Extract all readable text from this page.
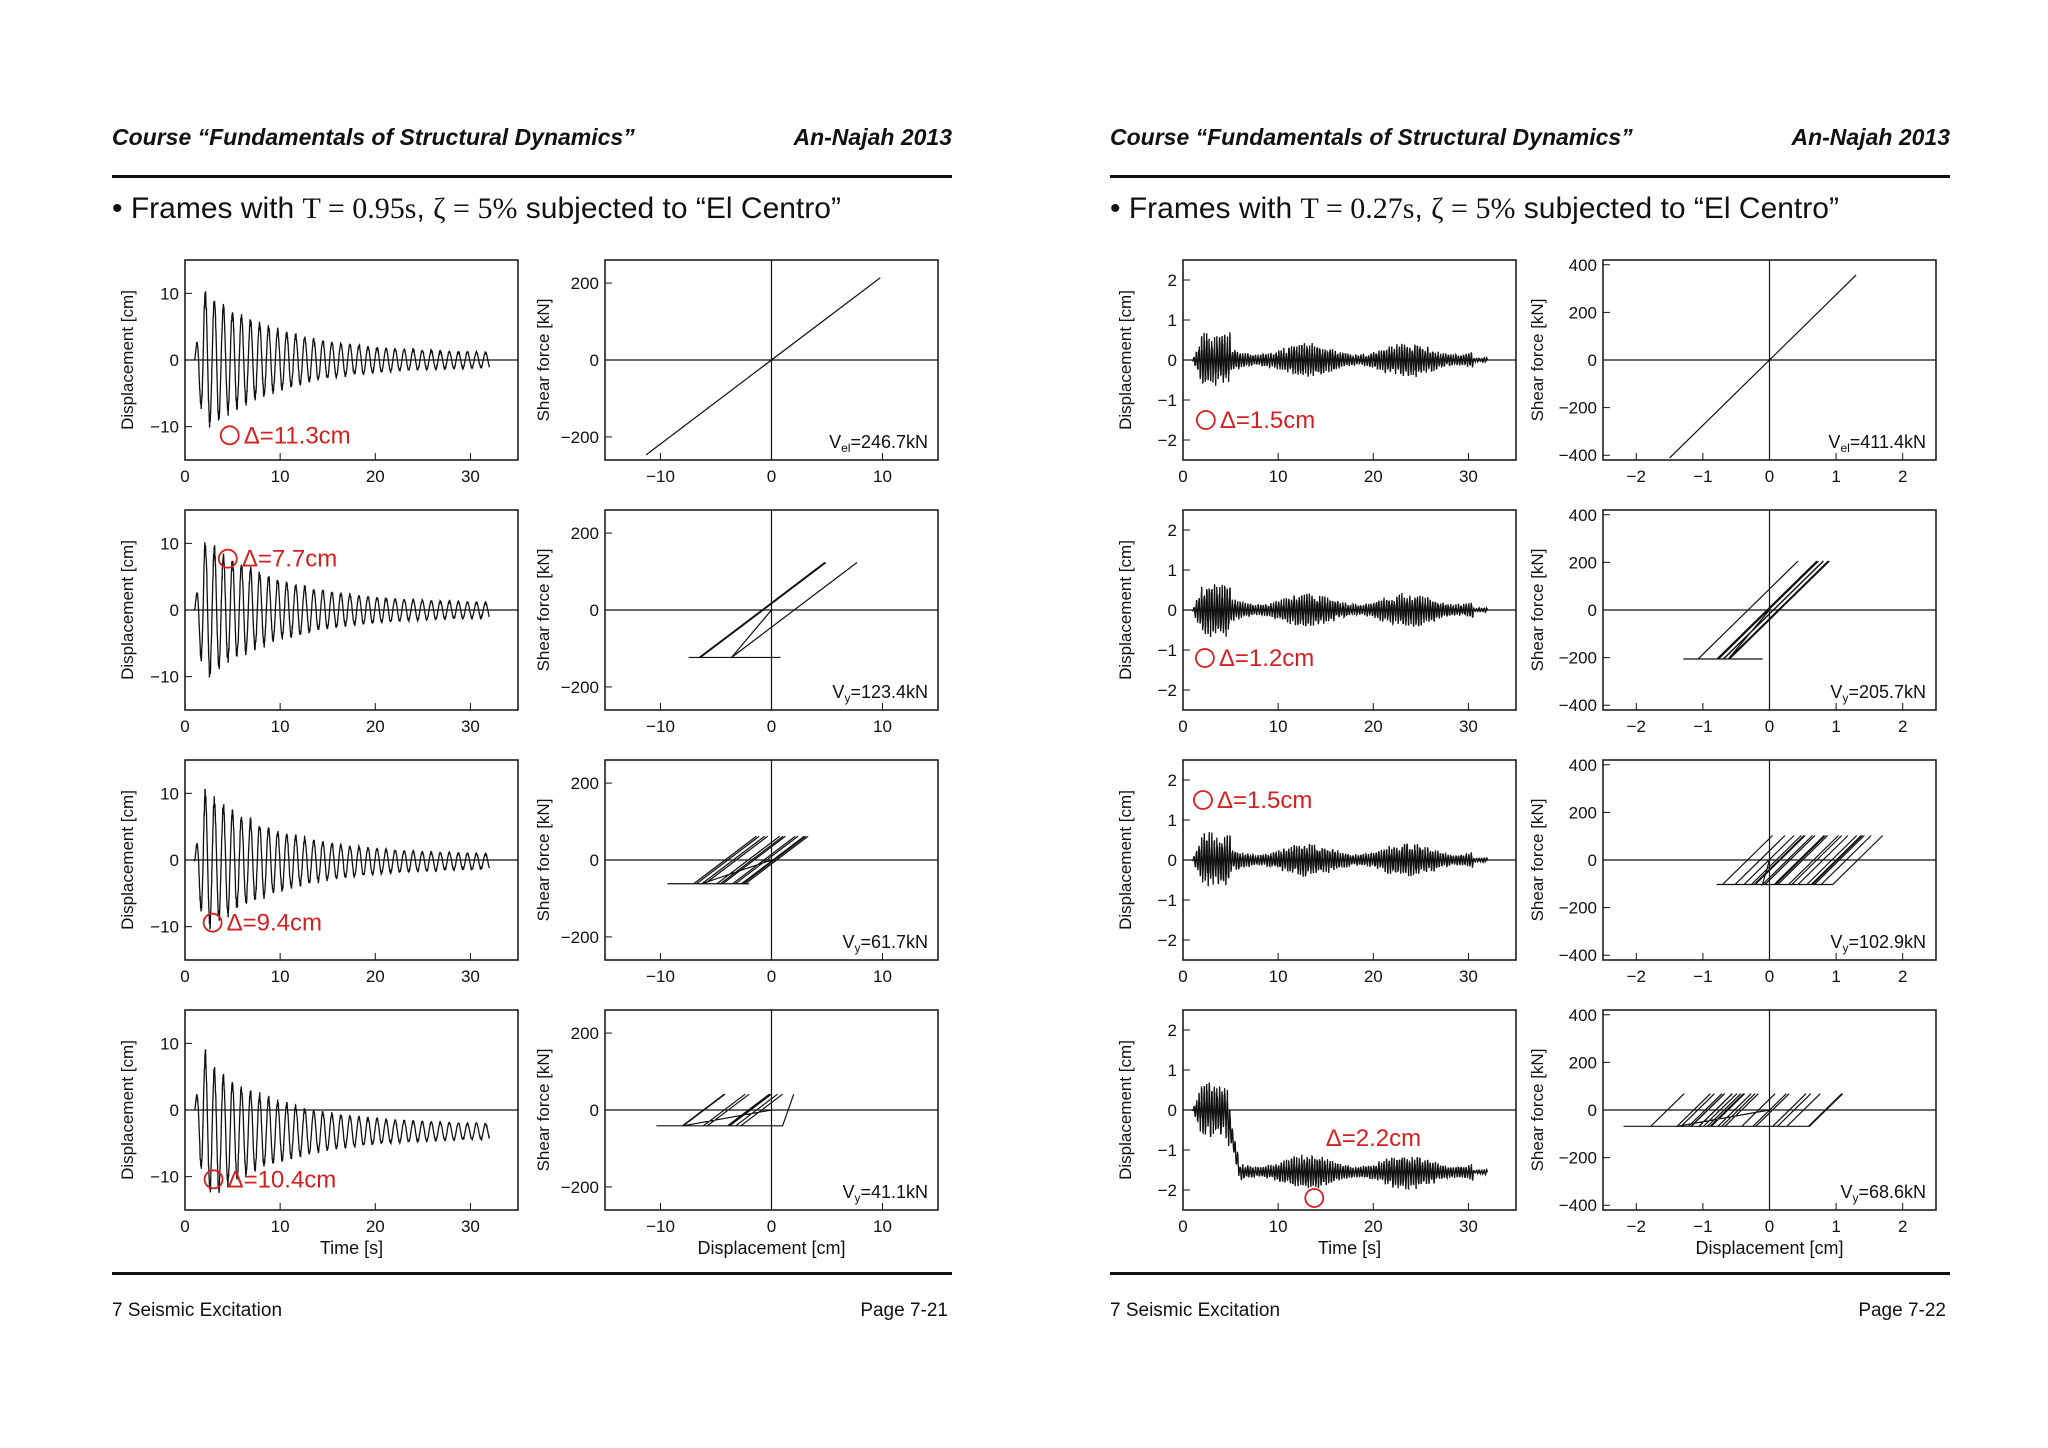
Course “Fundamentals of Structural Dynamics”	An-Najah 2013
• Frames with T = 0.95s, ζ = 5% subjected to “El Centro”
0	10	20	30
10
0
−10
Displacement [cm]
Δ=11.3cm
−10	0	10
200
0
−200
Shear force [kN]
$V_{el}=246.7kN$
0	10	20	30
10
0
−10
Displacement [cm]	Δ=7.7cm
−10	0	10
200
0
−200
Shear force [kN]
$V_y=123.4kN$
0	10	20	30
10
0
−10
Displacement [cm]	Δ=9.4cm
−10	0	10
200
0
−200
Shear force [kN]
$V_y=61.7kN$
0	10	20	30
10
0
−10
Displacement [cm]
Time [s]
Δ=10.4cm
−10	0	10
200
0
−200
Shear force [kN]
Displacement [cm]
$V_y=41.1kN$
7 Seismic Excitation	Page 7-21
Course “Fundamentals of Structural Dynamics”	An-Najah 2013
• Frames with T = 0.27s, ζ = 5% subjected to “El Centro”
0	10	20	30
2
1
0
−1
−2
Displacement [cm]	Δ=1.5cm
−2	−1	0	1	2
400
200
0
−200
−400
Shear force [kN]
$V_{el}=411.4kN$
0	10	20	30
2
1
0
−1
−2
Displacement [cm]	Δ=1.2cm
−2	−1	0	1	2
400
200
0
−200
−400
Shear force [kN]
$V_y=205.7kN$
0	10	20	30
2
1
0
−1
−2
Displacement [cm]	Δ=1.5cm
−2	−1	0	1	2
400
200
0
−200
−400
Shear force [kN]
$V_y=102.9kN$
0	10	20	30
2
1
0
−1
−2
Displacement [cm]
Time [s]
Δ=2.2cm
−2	−1	0	1	2
400
200
0
−200
−400
Shear force [kN]
Displacement [cm]
$V_y=68.6kN$
7 Seismic Excitation	Page 7-22
